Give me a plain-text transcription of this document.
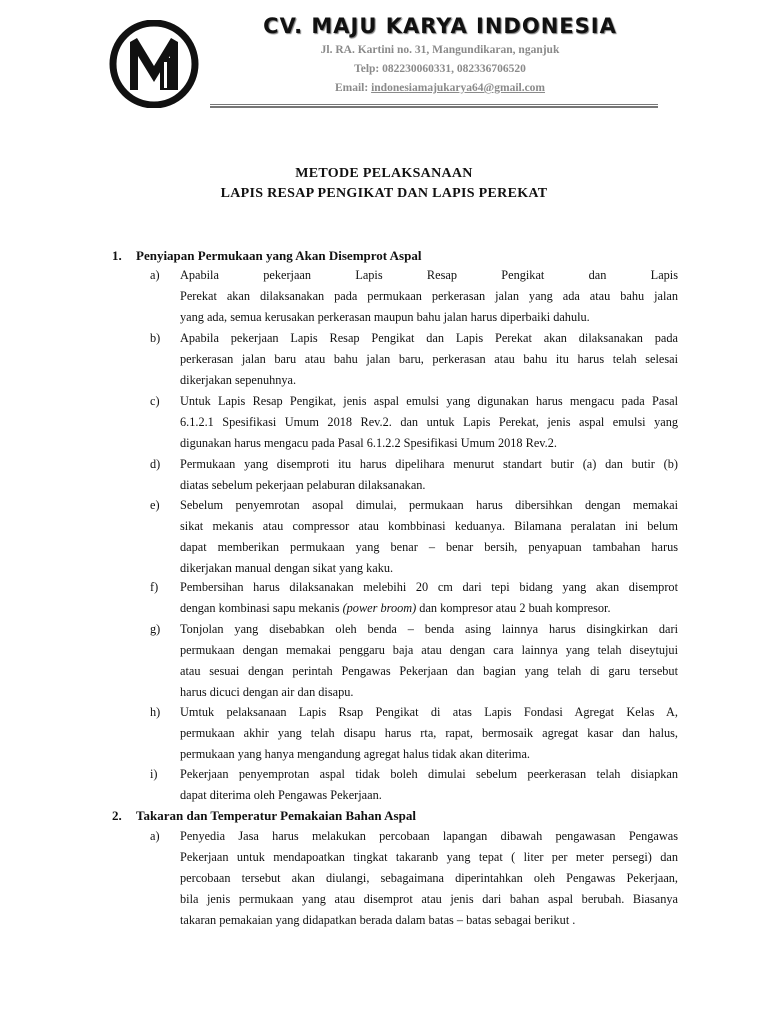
CV. MAJU KARYA INDONESIA
Jl. RA. Kartini no. 31, Mangundikaran, nganjuk
Telp: 082230060331, 082336706520
Email: indonesiamajukarya64@gmail.com
METODE PELAKSANAAN
LAPIS RESAP PENGIKAT DAN LAPIS PEREKAT
1. Penyiapan Permukaan yang Akan Disemprot Aspal
a)	Apabila pekerjaan Lapis Resap Pengikat dan Lapis
Perekat akan dilaksanakan pada permukaan perkerasan jalan yang ada atau bahu jalan
yang ada, semua kerusakan perkerasan maupun bahu jalan harus diperbaiki dahulu.
b)	Apabila pekerjaan Lapis Resap Pengikat dan Lapis Perekat akan dilaksanakan pada
perkerasan jalan baru atau bahu jalan baru, perkerasan atau bahu itu harus telah selesai
dikerjakan sepenuhnya.
c)	Untuk Lapis Resap Pengikat, jenis aspal emulsi yang digunakan harus mengacu pada Pasal
6.1.2.1 Spesifikasi Umum 2018 Rev.2. dan untuk Lapis Perekat, jenis aspal emulsi yang
digunakan harus mengacu pada Pasal 6.1.2.2 Spesifikasi Umum 2018 Rev.2.
d)	Permukaan yang disemproti itu harus dipelihara menurut standart butir (a) dan butir (b)
diatas sebelum pekerjaan pelaburan dilaksanakan.
e)	Sebelum penyemrotan asopal dimulai, permukaan harus dibersihkan dengan memakai
sikat mekanis atau compressor atau kombbinasi keduanya. Bilamana peralatan ini belum
dapat memberikan permukaan yang benar – benar bersih, penyapuan tambahan harus
dikerjakan manual dengan sikat yang kaku.
f)	Pembersihan harus dilaksanakan melebihi 20 cm dari tepi bidang yang akan disemprot
dengan kombinasi sapu mekanis (power broom) dan kompresor atau 2 buah kompresor.
g)	Tonjolan yang disebabkan oleh benda – benda asing lainnya harus disingkirkan dari
permukaan dengan memakai penggaru baja atau dengan cara lainnya yang telah diseytujui
atau sesuai dengan perintah Pengawas Pekerjaan dan bagian yang telah di garu tersebut
harus dicuci dengan air dan disapu.
h)	Umtuk pelaksanaan Lapis Rsap Pengikat di atas Lapis Fondasi Agregat Kelas A,
permukaan akhir yang telah disapu harus rta, rapat, bermosaik agregat kasar dan halus,
permukaan yang hanya mengandung agregat halus tidak akan diterima.
i)	Pekerjaan penyemprotan aspal tidak boleh dimulai sebelum peerkerasan telah disiapkan
dapat diterima oleh Pengawas Pekerjaan.
2. Takaran dan Temperatur Pemakaian Bahan Aspal
a)	Penyedia Jasa harus melakukan percobaan lapangan dibawah pengawasan Pengawas
Pekerjaan untuk mendapoatkan tingkat takaranb yang tepat ( liter per meter persegi) dan
percobaan tersebut akan diulangi, sebagaimana diperintahkan oleh Pengawas Pekerjaan,
bila jenis permukaan yang atau disemprot atau jenis dari bahan aspal berubah. Biasanya
takaran pemakaian yang didapatkan berada dalam batas – batas sebagai berikut .
